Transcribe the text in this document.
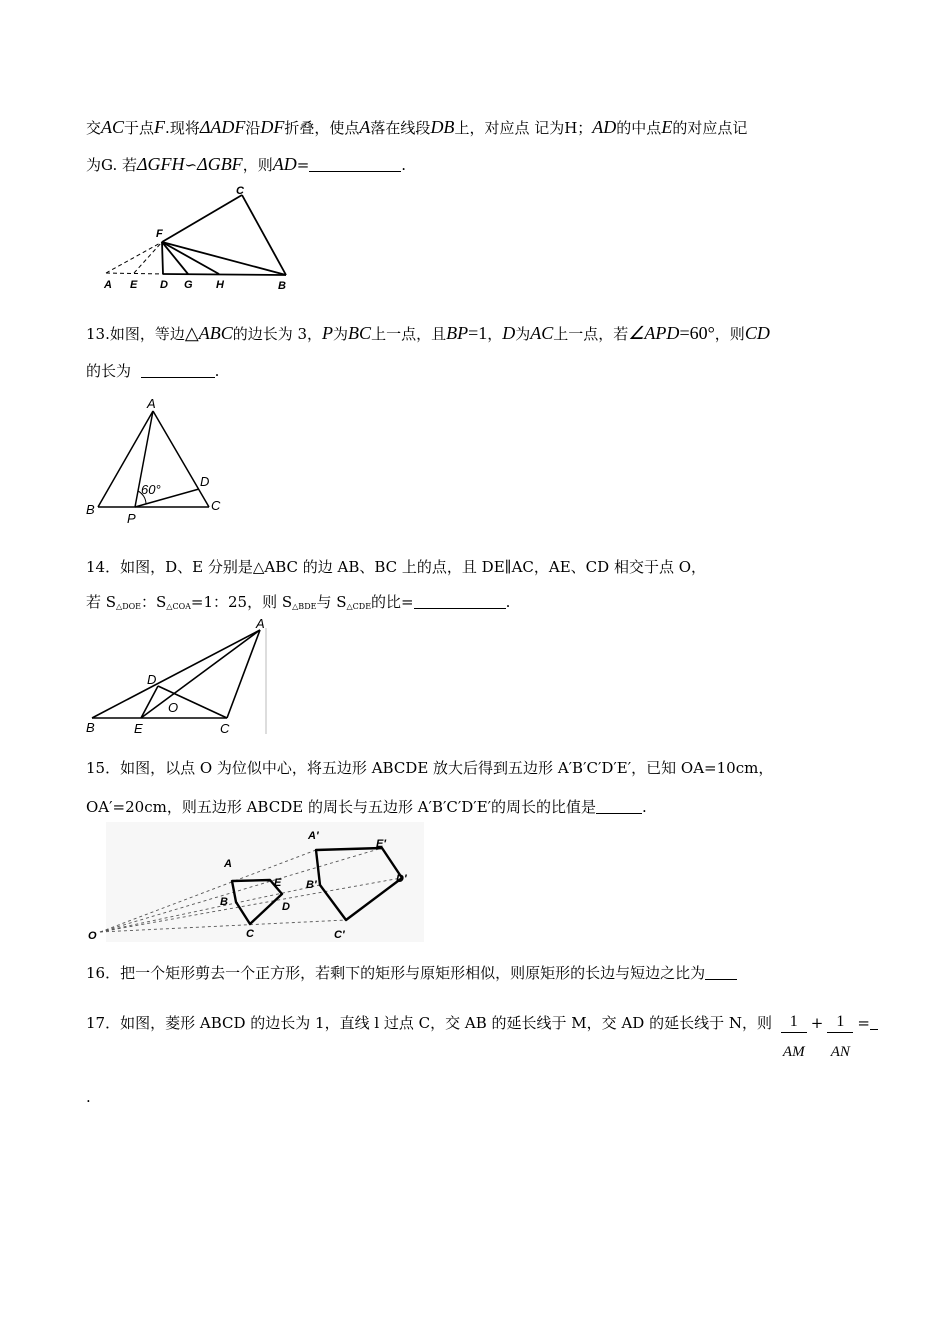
交AC于点F.现将ΔADF沿DF折叠，使点A落在线段DB上，对应点 记为H；AD的中点E的对应点记
为G. 若ΔGFH∽ΔGBF，则AD=	.
A E D G H	B
F
C
13.如图，等边△ABC的边长为 3，P为BC上一点，且BP=1，D为AC上一点，若∠APD=60°，则CD
的长为	.
A
B	C
D
P
60°
14．如图，D、E 分别是△ABC 的边 AB、BC 上的点，且 DE∥AC，AE、CD 相交于点 O，
若 $S_{\triangle DOE}$：$S_{\triangle COA}=1$：25，则 $S_{\triangle BDE}$与 $S_{\triangle CDE}$的比=	.
A
B	C
D
E
O
15．如图，以点 O 为位似中心，将五边形 ABCDE 放大后得到五边形 A′B′C′D′E′，已知 OA=10cm，
OA′=20cm，则五边形 ABCDE 的周长与五边形 A′B′C′D′E′的周长的比值是	.
O
A
B
C
D
E
A′
B′
C′
D′
E′
16．把一个矩形剪去一个正方形，若剩下的矩形与原矩形相似，则原矩形的长边与短边之比为
17．如图，菱形 ABCD 的边长为 1，直线 l 过点 C，交 AB 的延长线于 M，交 AD 的延长线于 N，则 $\frac{1}{AM} + \frac{1}{AN}$ =
.
